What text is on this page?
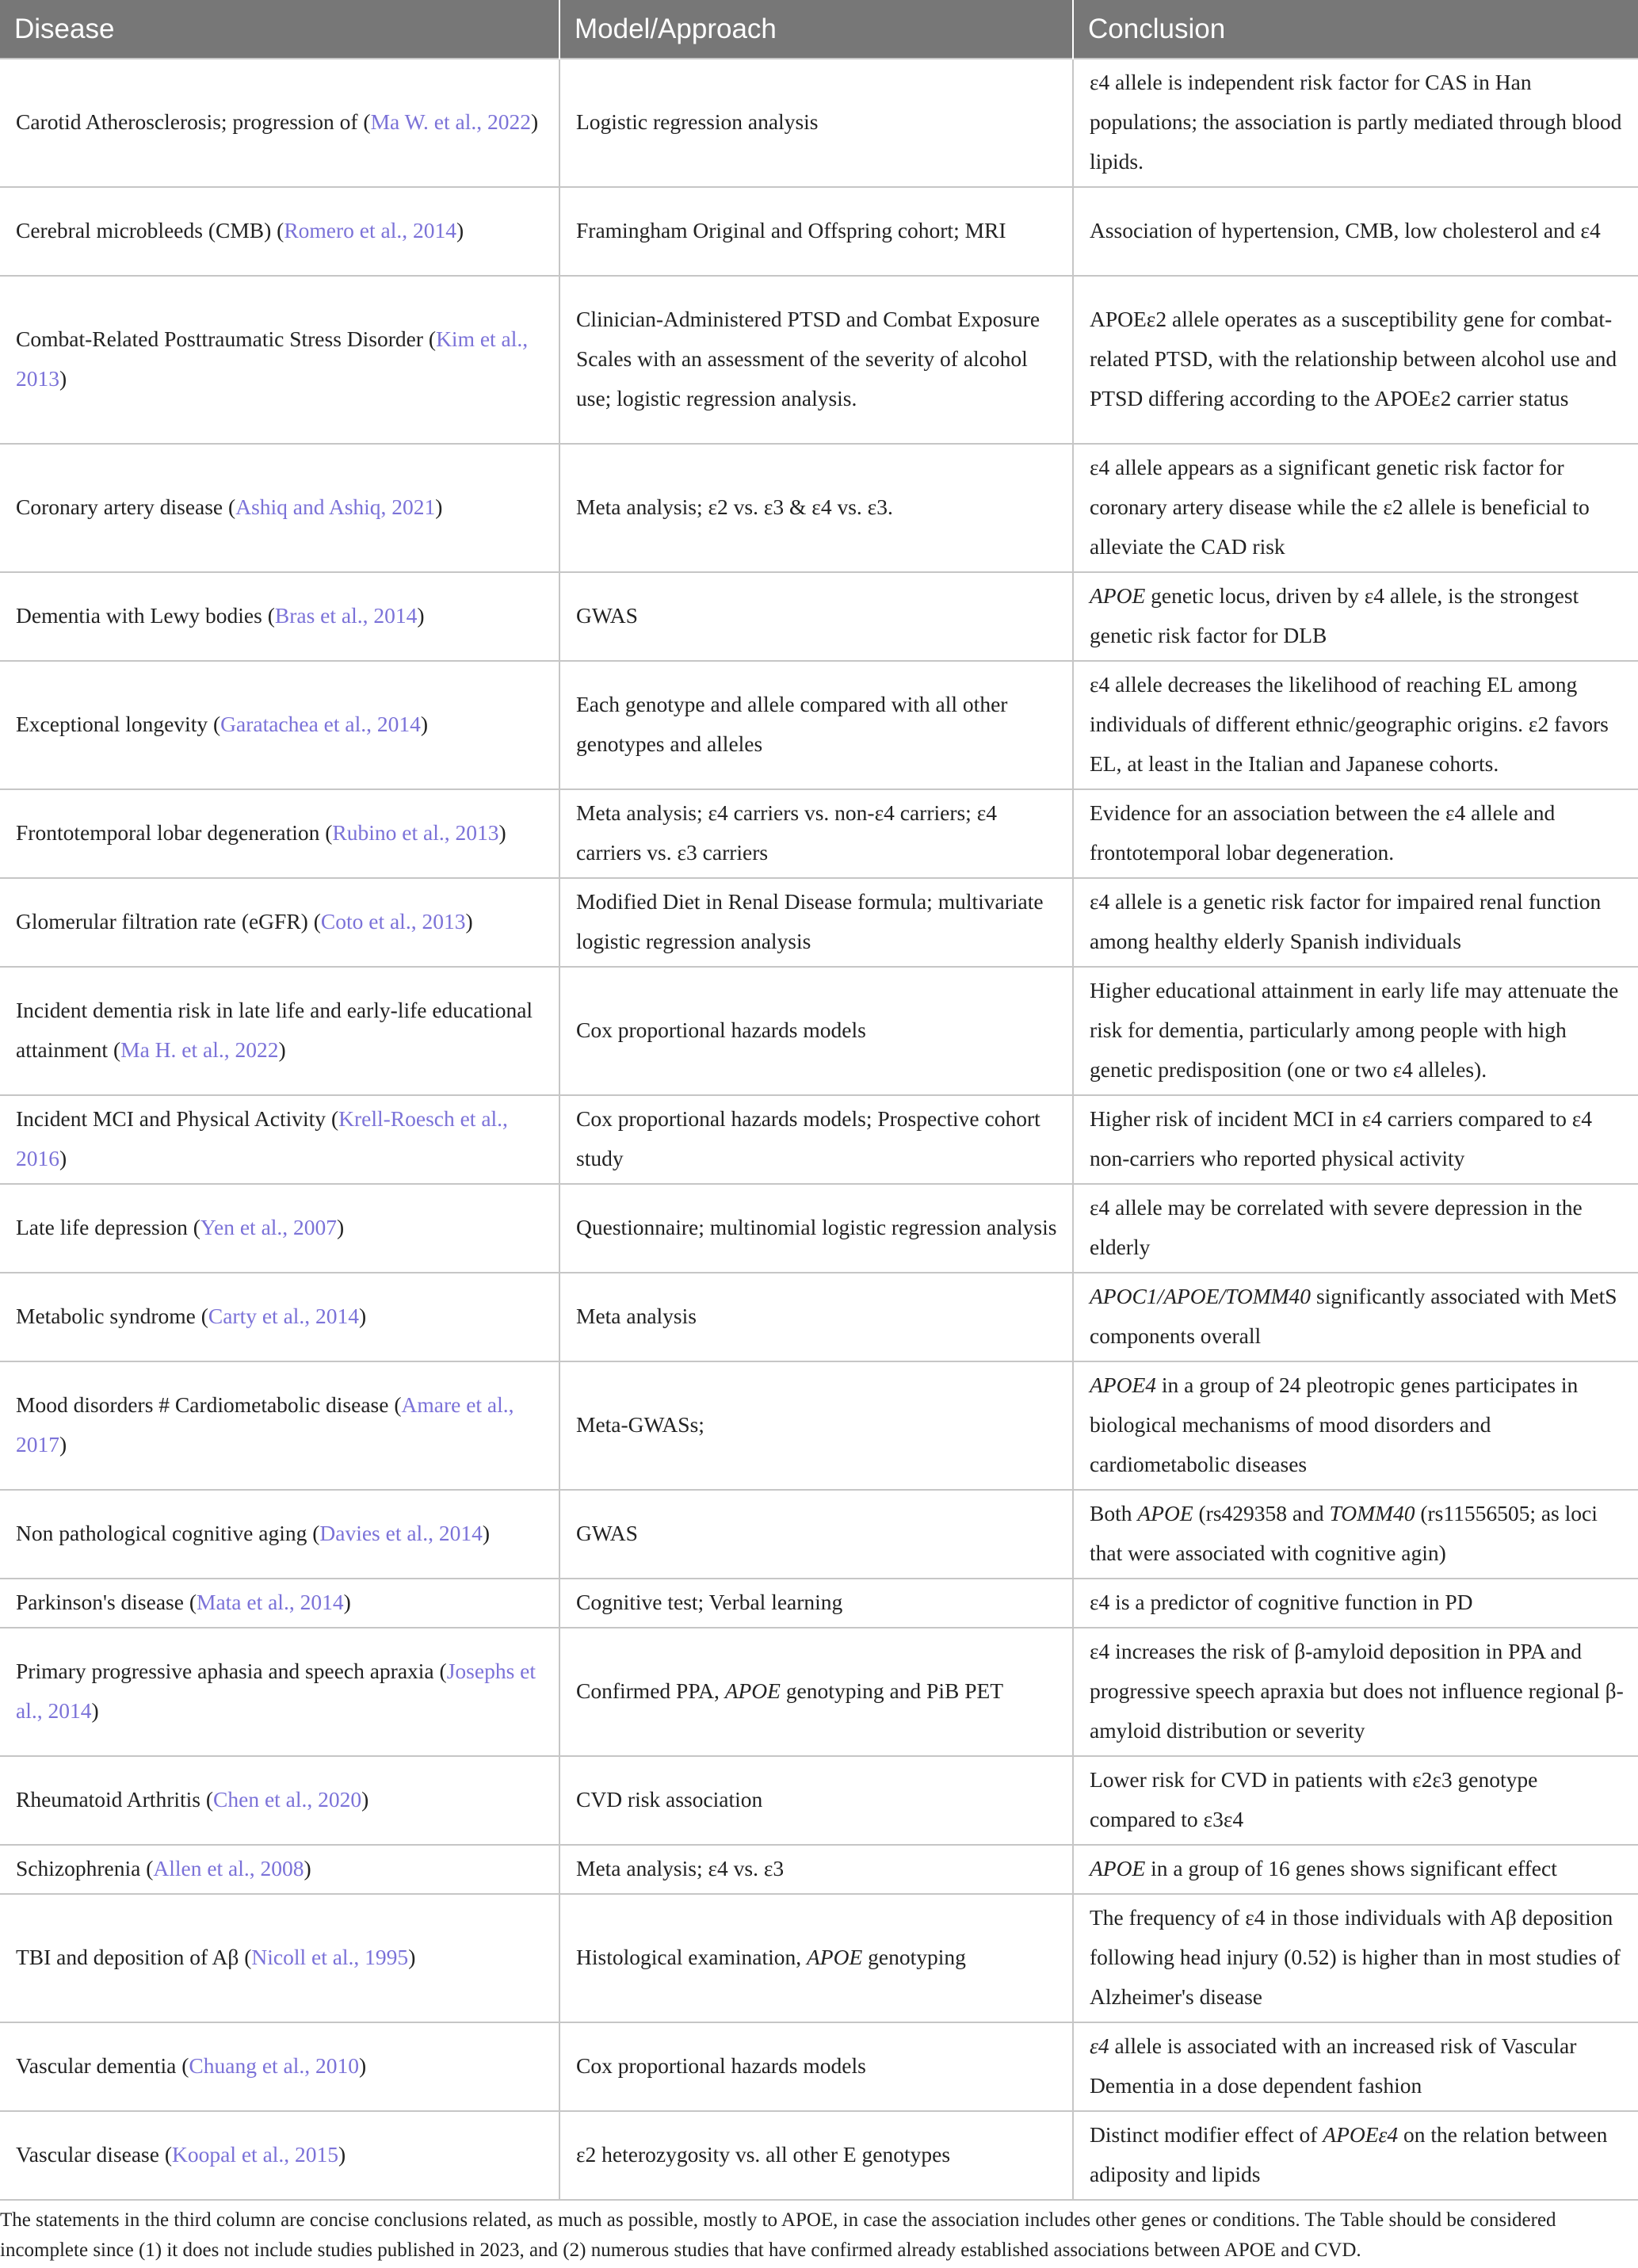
Disease	Model/Approach	Conclusion
Carotid Atherosclerosis; progression of (Ma W. et al., 2022)	Logistic regression analysis	ε4 allele is independent risk factor for CAS in Han populations; the association is partly mediated through blood lipids.
Cerebral microbleeds (CMB) (Romero et al., 2014)	Framingham Original and Offspring cohort; MRI	Association of hypertension, CMB, low cholesterol and ε4
Combat-Related Posttraumatic Stress Disorder (Kim et al., 2013)	Clinician-Administered PTSD and Combat Exposure Scales with an assessment of the severity of alcohol use; logistic regression analysis.	APOEε2 allele operates as a susceptibility gene for combat-related PTSD, with the relationship between alcohol use and PTSD differing according to the APOEε2 carrier status
Coronary artery disease (Ashiq and Ashiq, 2021)	Meta analysis; ε2 vs. ε3 & ε4 vs. ε3.	ε4 allele appears as a significant genetic risk factor for coronary artery disease while the ε2 allele is beneficial to alleviate the CAD risk
Dementia with Lewy bodies (Bras et al., 2014)	GWAS	APOE genetic locus, driven by ε4 allele, is the strongest genetic risk factor for DLB
Exceptional longevity (Garatachea et al., 2014)	Each genotype and allele compared with all other genotypes and alleles	ε4 allele decreases the likelihood of reaching EL among individuals of different ethnic/geographic origins. ε2 favors EL, at least in the Italian and Japanese cohorts.
Frontotemporal lobar degeneration (Rubino et al., 2013)	Meta analysis; ε4 carriers vs. non-ε4 carriers; ε4 carriers vs. ε3 carriers	Evidence for an association between the ε4 allele and frontotemporal lobar degeneration.
Glomerular filtration rate (eGFR) (Coto et al., 2013)	Modified Diet in Renal Disease formula; multivariate logistic regression analysis	ε4 allele is a genetic risk factor for impaired renal function among healthy elderly Spanish individuals
Incident dementia risk in late life and early-life educational attainment (Ma H. et al., 2022)	Cox proportional hazards models	Higher educational attainment in early life may attenuate the risk for dementia, particularly among people with high genetic predisposition (one or two ε4 alleles).
Incident MCI and Physical Activity (Krell-Roesch et al., 2016)	Cox proportional hazards models; Prospective cohort study	Higher risk of incident MCI in ε4 carriers compared to ε4 non-carriers who reported physical activity
Late life depression (Yen et al., 2007)	Questionnaire; multinomial logistic regression analysis	ε4 allele may be correlated with severe depression in the elderly
Metabolic syndrome (Carty et al., 2014)	Meta analysis	APOC1/APOE/TOMM40 significantly associated with MetS components overall
Mood disorders # Cardiometabolic disease (Amare et al., 2017)	Meta-GWASs;	APOE4 in a group of 24 pleotropic genes participates in biological mechanisms of mood disorders and cardiometabolic diseases
Non pathological cognitive aging (Davies et al., 2014)	GWAS	Both APOE (rs429358 and TOMM40 (rs11556505; as loci that were associated with cognitive agin)
Parkinson's disease (Mata et al., 2014)	Cognitive test; Verbal learning	ε4 is a predictor of cognitive function in PD
Primary progressive aphasia and speech apraxia (Josephs et al., 2014)	Confirmed PPA, APOE genotyping and PiB PET	ε4 increases the risk of β-amyloid deposition in PPA and progressive speech apraxia but does not influence regional β-amyloid distribution or severity
Rheumatoid Arthritis (Chen et al., 2020)	CVD risk association	Lower risk for CVD in patients with ε2ε3 genotype compared to ε3ε4
Schizophrenia (Allen et al., 2008)	Meta analysis; ε4 vs. ε3	APOE in a group of 16 genes shows significant effect
TBI and deposition of Aβ (Nicoll et al., 1995)	Histological examination, APOE genotyping	The frequency of ε4 in those individuals with Aβ deposition following head injury (0.52) is higher than in most studies of Alzheimer's disease
Vascular dementia (Chuang et al., 2010)	Cox proportional hazards models	ε4 allele is associated with an increased risk of Vascular Dementia in a dose dependent fashion
Vascular disease (Koopal et al., 2015)	ε2 heterozygosity vs. all other E genotypes	Distinct modifier effect of APOEε4 on the relation between adiposity and lipids

The statements in the third column are concise conclusions related, as much as possible, mostly to APOE, in case the association includes other genes or conditions. The Table should be considered incomplete since (1) it does not include studies published in 2023, and (2) numerous studies that have confirmed already established associations between APOE and CVD.
